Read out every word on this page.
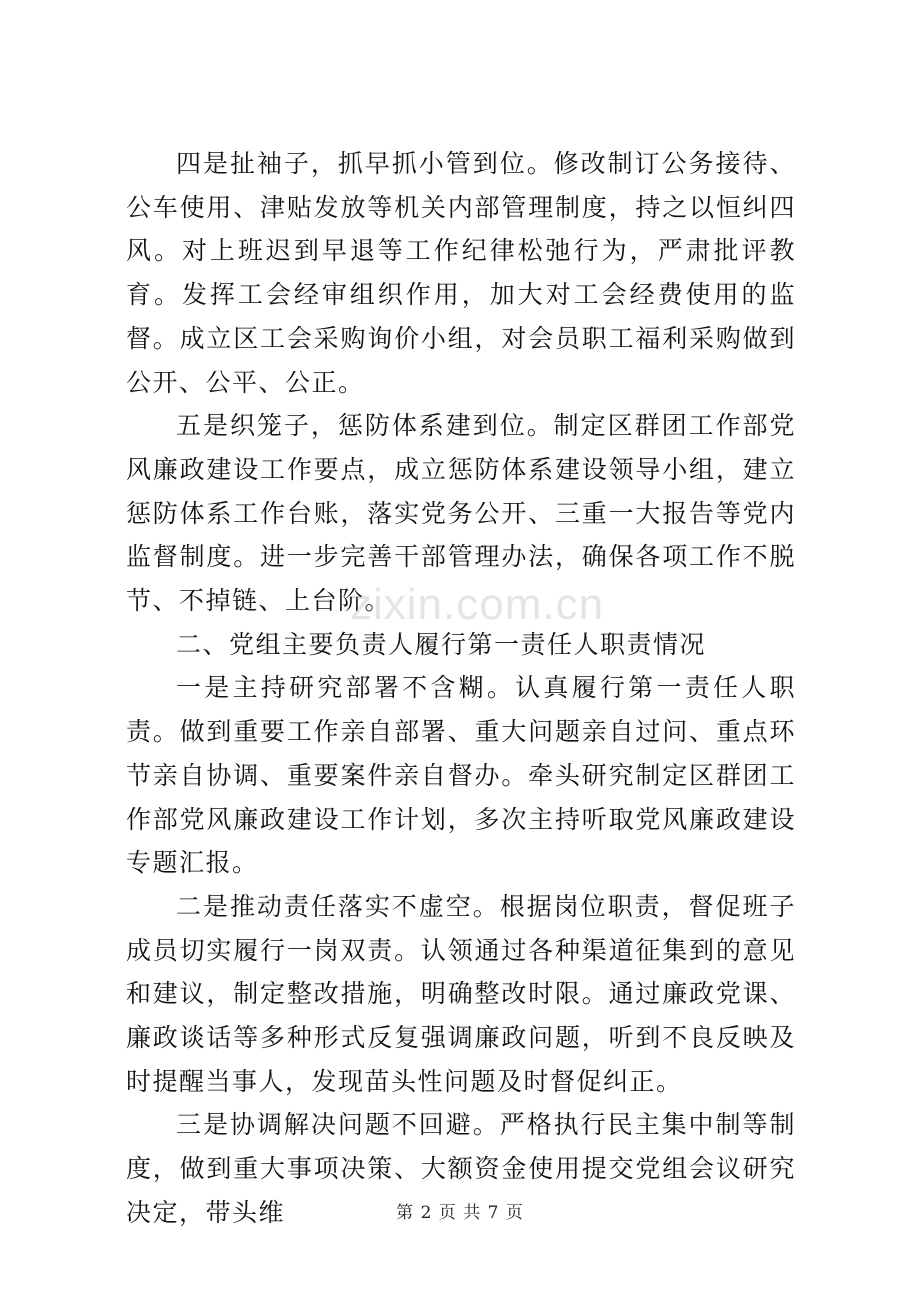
四是扯袖子，抓早抓小管到位。修改制订公务接待、公车使用、津贴发放等机关内部管理制度，持之以恒纠四风。对上班迟到早退等工作纪律松弛行为，严肃批评教育。发挥工会经审组织作用，加大对工会经费使用的监督。成立区工会采购询价小组，对会员职工福利采购做到公开、公平、公正。

五是织笼子，惩防体系建到位。制定区群团工作部党风廉政建设工作要点，成立惩防体系建设领导小组，建立惩防体系工作台账，落实党务公开、三重一大报告等党内监督制度。进一步完善干部管理办法，确保各项工作不脱节、不掉链、上台阶。

二、党组主要负责人履行第一责任人职责情况

一是主持研究部署不含糊。认真履行第一责任人职责。做到重要工作亲自部署、重大问题亲自过问、重点环节亲自协调、重要案件亲自督办。牵头研究制定区群团工作部党风廉政建设工作计划，多次主持听取党风廉政建设专题汇报。

二是推动责任落实不虚空。根据岗位职责，督促班子成员切实履行一岗双责。认领通过各种渠道征集到的意见和建议，制定整改措施，明确整改时限。通过廉政党课、廉政谈话等多种形式反复强调廉政问题，听到不良反映及时提醒当事人，发现苗头性问题及时督促纠正。

三是协调解决问题不回避。严格执行民主集中制等制度，做到重大事项决策、大额资金使用提交党组会议研究决定，带头维

zixin.com.cn
第 2 页 共 7 页
